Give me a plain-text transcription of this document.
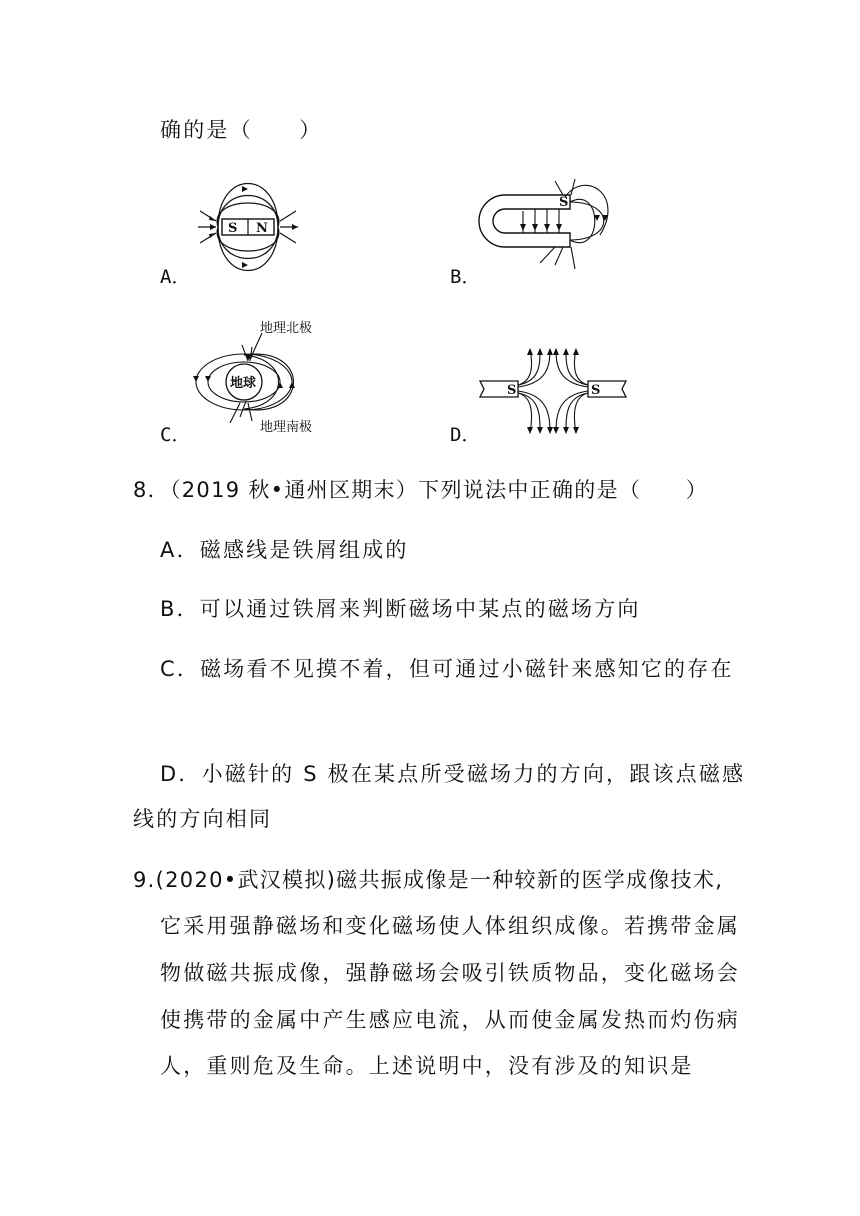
确的是（　　）
S N
A．
S
B．
地球
地理北极
地理南极
C．
S	S
D．
8．（2019 秋•通州区期末）下列说法中正确的是（　　）
A．磁感线是铁屑组成的
B．可以通过铁屑来判断磁场中某点的磁场方向
C．磁场看不见摸不着，但可通过小磁针来感知它的存在
D．小磁针的 S 极在某点所受磁场力的方向，跟该点磁感
线的方向相同
9.(2020•武汉模拟)磁共振成像是一种较新的医学成像技术,
它采用强静磁场和变化磁场使人体组织成像。若携带金属
物做磁共振成像，强静磁场会吸引铁质物品，变化磁场会
使携带的金属中产生感应电流，从而使金属发热而灼伤病
人，重则危及生命。上述说明中，没有涉及的知识是
